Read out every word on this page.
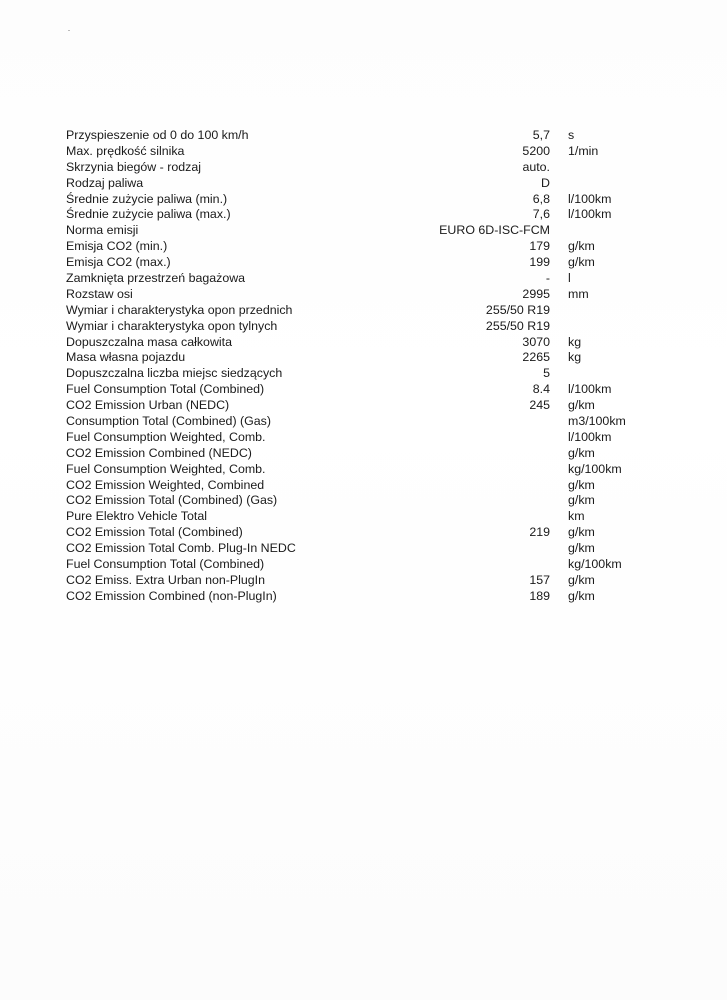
Przyspieszenie od 0 do 100 km/h	5,7 s
Max. prędkość silnika	5200 1/min
Skrzynia biegów - rodzaj	auto.
Rodzaj paliwa	D
Średnie zużycie paliwa (min.)	6,8 l/100km
Średnie zużycie paliwa (max.)	7,6 l/100km
Norma emisji	EURO 6D-ISC-FCM
Emisja CO2 (min.)	179 g/km
Emisja CO2 (max.)	199 g/km
Zamknięta przestrzeń bagażowa	- l
Rozstaw osi	2995 mm
Wymiar i charakterystyka opon przednich	255/50 R19
Wymiar i charakterystyka opon tylnych	255/50 R19
Dopuszczalna masa całkowita	3070 kg
Masa własna pojazdu	2265 kg
Dopuszczalna liczba miejsc siedzących	5
Fuel Consumption Total (Combined)	8.4 l/100km
CO2 Emission Urban (NEDC)	245 g/km
Consumption Total (Combined) (Gas)	m3/100km
Fuel Consumption Weighted, Comb.	l/100km
CO2 Emission Combined (NEDC)	g/km
Fuel Consumption Weighted, Comb.	kg/100km
CO2 Emission Weighted, Combined	g/km
CO2 Emission Total (Combined) (Gas)	g/km
Pure Elektro Vehicle Total	km
CO2 Emission Total (Combined)	219 g/km
CO2 Emission Total Comb. Plug-In NEDC	g/km
Fuel Consumption Total (Combined)	kg/100km
CO2 Emiss. Extra Urban non-PlugIn	157 g/km
CO2 Emission Combined (non-PlugIn)	189 g/km
